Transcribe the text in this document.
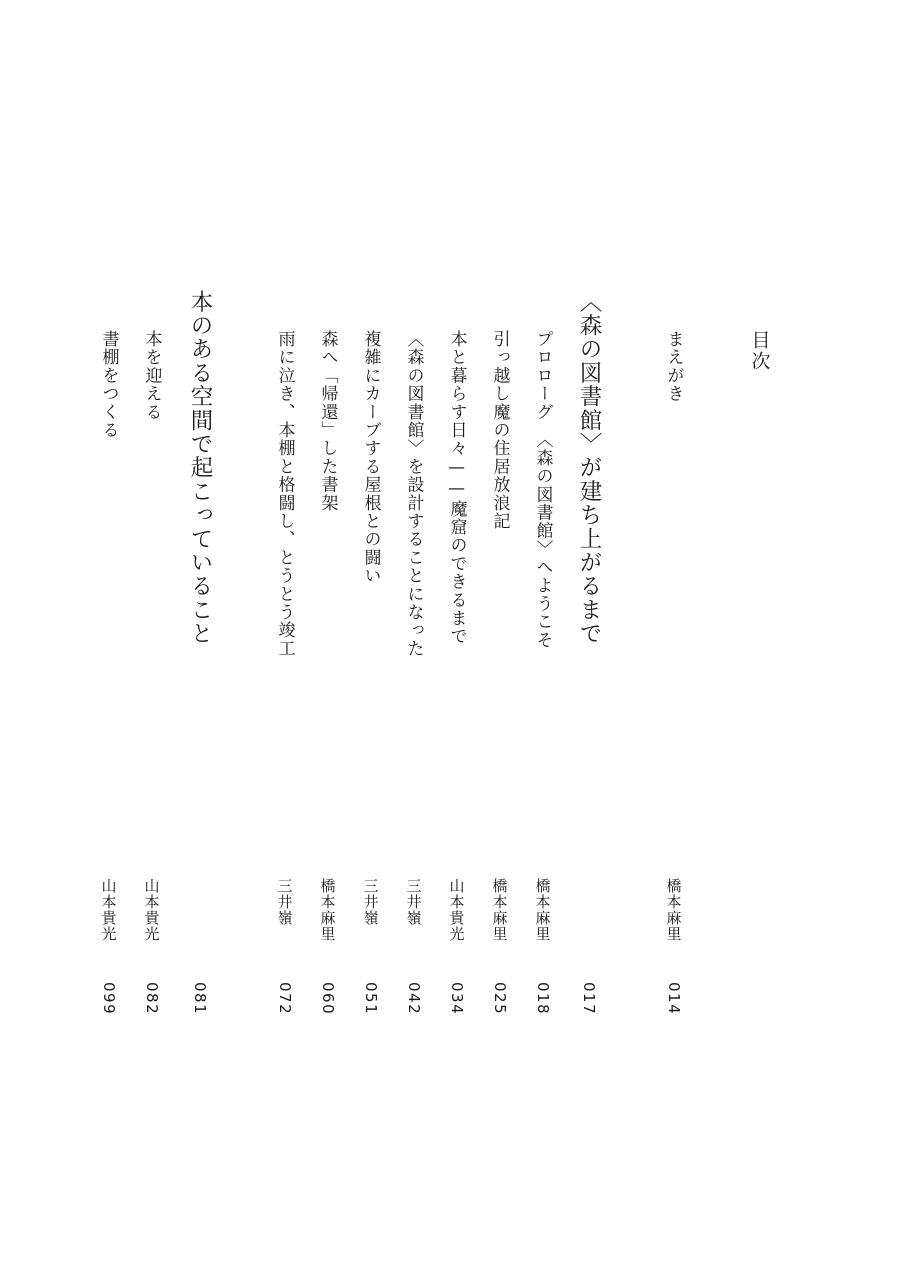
目次
まえがき
橋本麻里
014
〈森の図書館〉が建ち上がるまで
017
プロローグ　〈森の図書館〉へようこそ
橋本麻里
018
引っ越し魔の住居放浪記
橋本麻里
025
本と暮らす日々——魔窟のできるまで
山本貴光
034
〈森の図書館〉を設計することになった
三井嶺
042
複雑にカーブする屋根との闘い
三井嶺
051
森へ「帰還」した書架
橋本麻里
060
雨に泣き、本棚と格闘し、とうとう竣工
三井嶺
072
本のある空間で起こっていること
081
本を迎える
山本貴光
082
書棚をつくる
山本貴光
099
